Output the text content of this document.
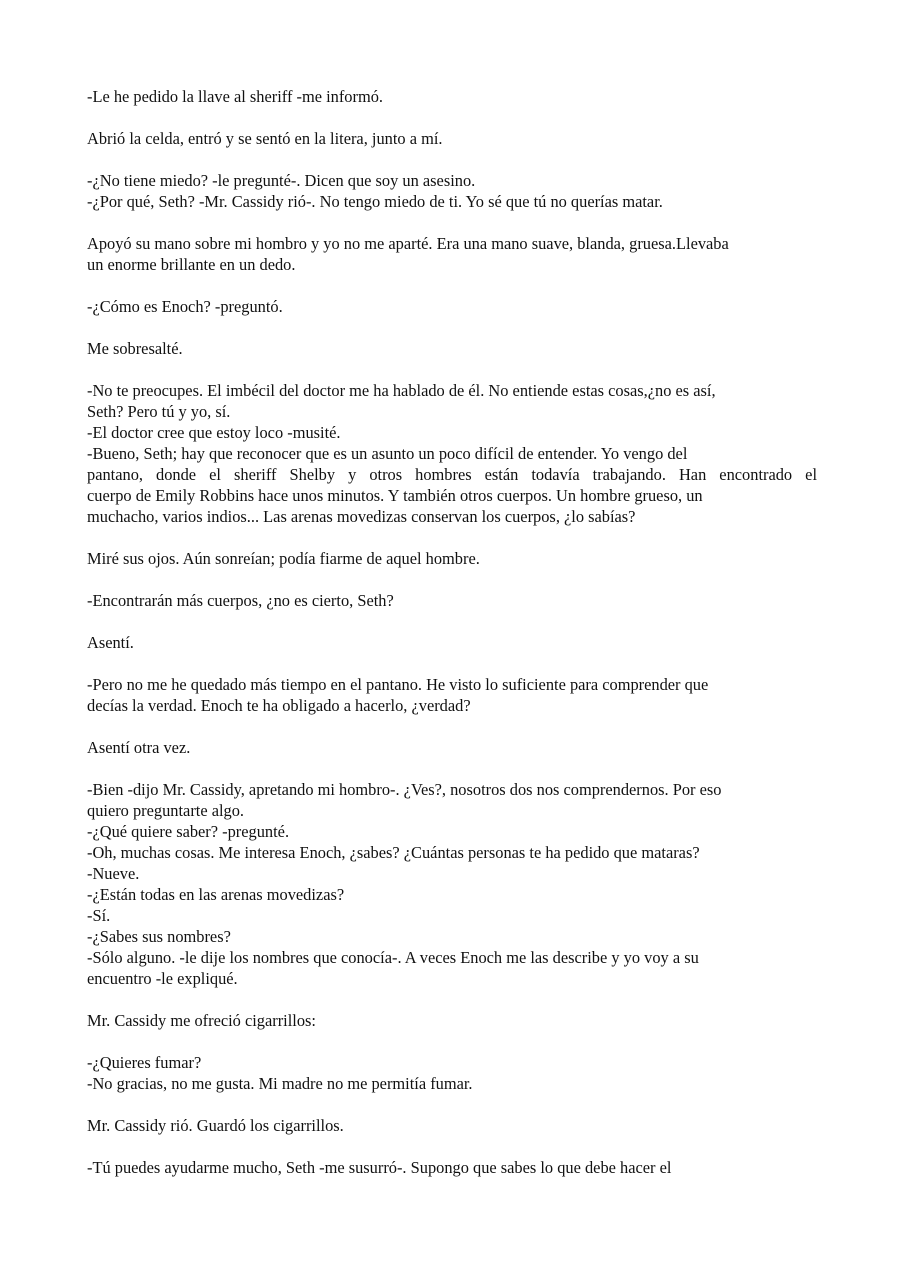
-Le he pedido la llave al sheriff -me informó.

Abrió la celda, entró y se sentó en la litera, junto a mí.

-¿No tiene miedo? -le pregunté-. Dicen que soy un asesino.
-¿Por qué, Seth? -Mr. Cassidy rió-. No tengo miedo de ti. Yo sé que tú no querías matar.

Apoyó su mano sobre mi hombro y yo no me aparté. Era una mano suave, blanda, gruesa.Llevaba
un enorme brillante en un dedo.

-¿Cómo es Enoch? -preguntó.

Me sobresalté.

-No te preocupes. El imbécil del doctor me ha hablado de él. No entiende estas cosas,¿no es así,
Seth? Pero tú y yo, sí.
-El doctor cree que estoy loco -musité.
-Bueno, Seth; hay que reconocer que es un asunto un poco difícil de entender. Yo vengo del
pantano, donde el sheriff Shelby y otros hombres están todavía trabajando. Han encontrado el
cuerpo de Emily Robbins hace unos minutos. Y también otros cuerpos. Un hombre grueso, un
muchacho, varios indios... Las arenas movedizas conservan los cuerpos, ¿lo sabías?

Miré sus ojos. Aún sonreían; podía fiarme de aquel hombre.

-Encontrarán más cuerpos, ¿no es cierto, Seth?

Asentí.

-Pero no me he quedado más tiempo en el pantano. He visto lo suficiente para comprender que
decías la verdad. Enoch te ha obligado a hacerlo, ¿verdad?

Asentí otra vez.

-Bien -dijo Mr. Cassidy, apretando mi hombro-. ¿Ves?, nosotros dos nos comprendernos. Por eso
quiero preguntarte algo.
-¿Qué quiere saber? -pregunté.
-Oh, muchas cosas. Me interesa Enoch, ¿sabes? ¿Cuántas personas te ha pedido que mataras?
-Nueve.
-¿Están todas en las arenas movedizas?
-Sí.
-¿Sabes sus nombres?
-Sólo alguno. -le dije los nombres que conocía-. A veces Enoch me las describe y yo voy a su
encuentro -le expliqué.

Mr. Cassidy me ofreció cigarrillos:

-¿Quieres fumar?
-No gracias, no me gusta. Mi madre no me permitía fumar.

Mr. Cassidy rió. Guardó los cigarrillos.

-Tú puedes ayudarme mucho, Seth -me susurró-. Supongo que sabes lo que debe hacer el
